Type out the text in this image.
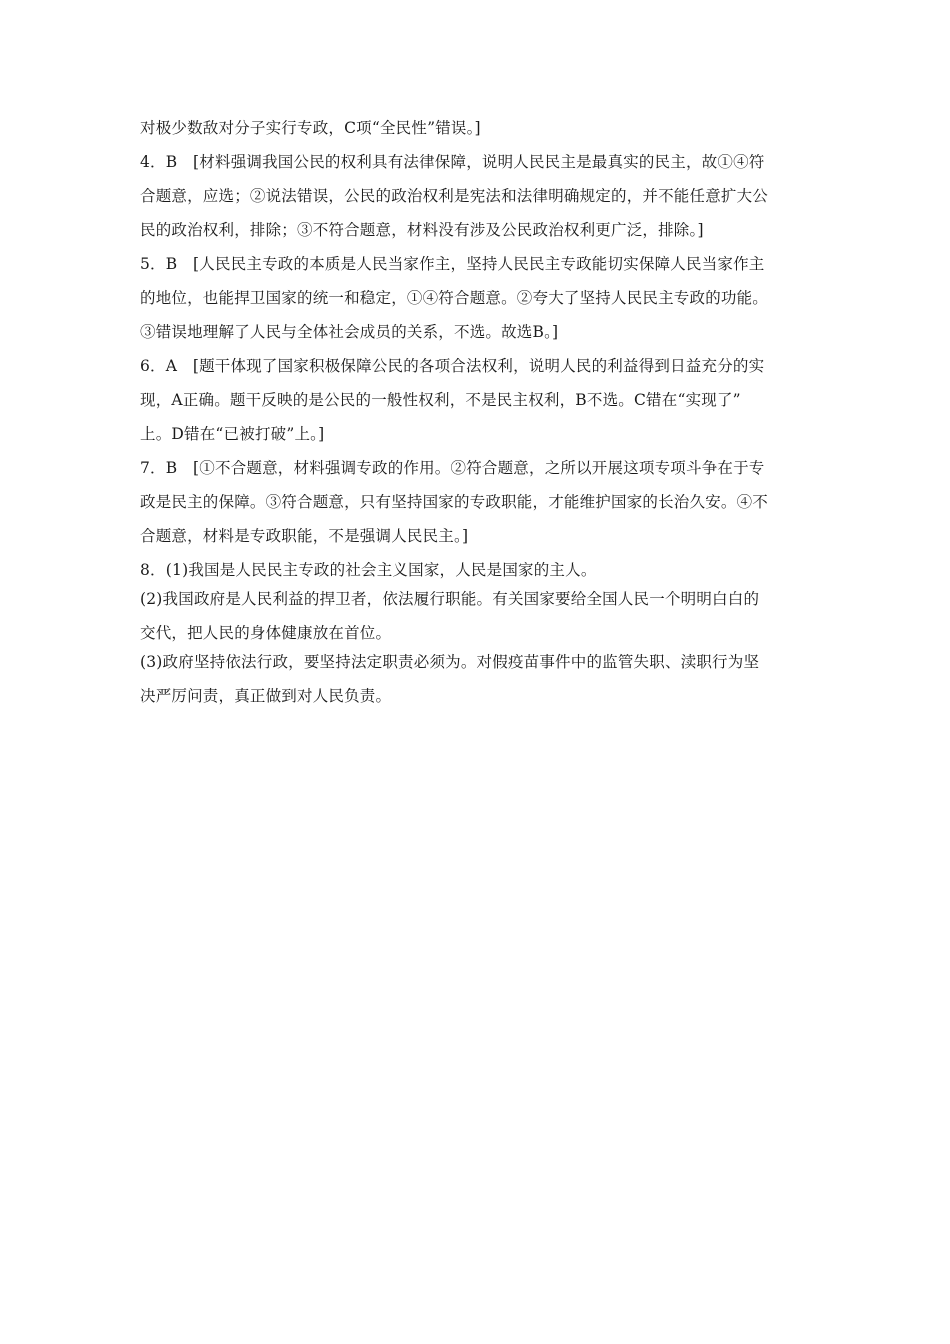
对极少数敌对分子实行专政，C项“全民性”错误。]

4．B　[材料强调我国公民的权利具有法律保障，说明人民民主是最真实的民主，故①④符

合题意，应选；②说法错误，公民的政治权利是宪法和法律明确规定的，并不能任意扩大公

民的政治权利，排除；③不符合题意，材料没有涉及公民政治权利更广泛，排除。]

5．B　[人民民主专政的本质是人民当家作主，坚持人民民主专政能切实保障人民当家作主

的地位，也能捍卫国家的统一和稳定，①④符合题意。②夸大了坚持人民民主专政的功能。

③错误地理解了人民与全体社会成员的关系，不选。故选B。]

6．A　[题干体现了国家积极保障公民的各项合法权利，说明人民的利益得到日益充分的实

现，A正确。题干反映的是公民的一般性权利，不是民主权利，B不选。C错在“实现了”

上。D错在“已被打破”上。]

7．B　[①不合题意，材料强调专政的作用。②符合题意，之所以开展这项专项斗争在于专

政是民主的保障。③符合题意，只有坚持国家的专政职能，才能维护国家的长治久安。④不

合题意，材料是专政职能，不是强调人民民主。]

8．(1)我国是人民民主专政的社会主义国家，人民是国家的主人。

(2)我国政府是人民利益的捍卫者，依法履行职能。有关国家要给全国人民一个明明白白的

交代，把人民的身体健康放在首位。

(3)政府坚持依法行政，要坚持法定职责必须为。对假疫苗事件中的监管失职、渎职行为坚

决严厉问责，真正做到对人民负责。
